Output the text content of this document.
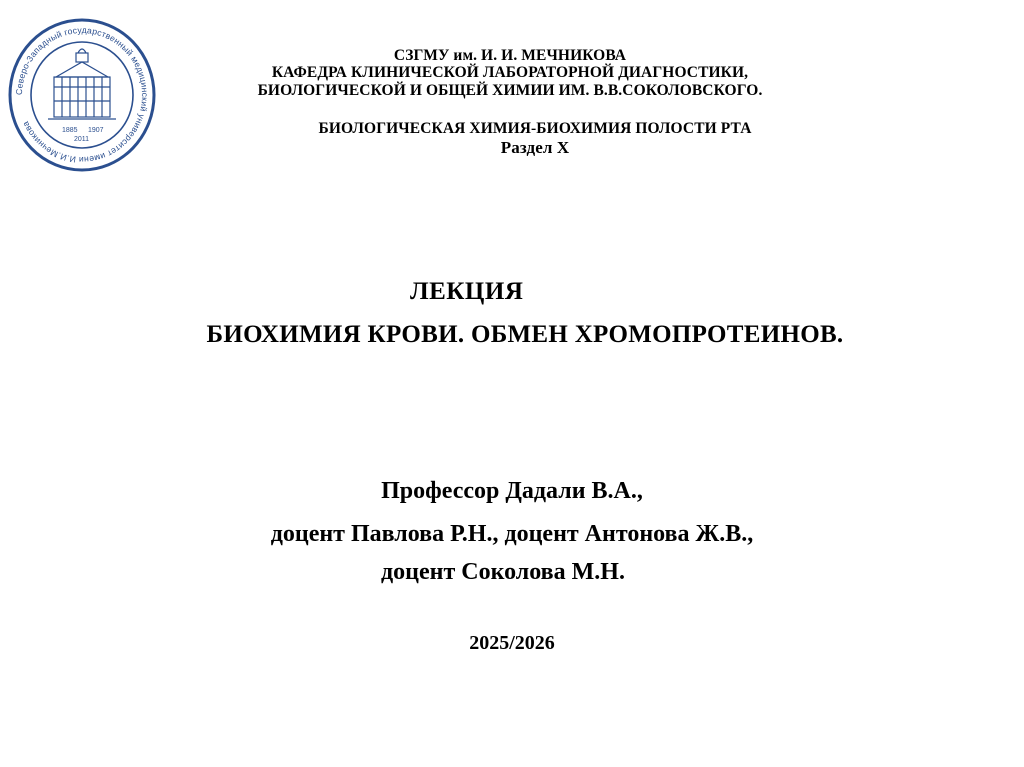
Северо-Западный государственный медицинский университет имени И.И.Мечникова
1885 1907
2011
СЗГМУ им. И. И. МЕЧНИКОВА
КАФЕДРА КЛИНИЧЕСКОЙ ЛАБОРАТОРНОЙ ДИАГНОСТИКИ,
БИОЛОГИЧЕСКОЙ И ОБЩЕЙ ХИМИИ ИМ. В.В.СОКОЛОВСКОГО.
БИОЛОГИЧЕСКАЯ ХИМИЯ-БИОХИМИЯ ПОЛОСТИ РТА
Раздел X
ЛЕКЦИЯ
БИОХИМИЯ КРОВИ. ОБМЕН ХРОМОПРОТЕИНОВ.
Профессор Дадали В.А.,
доцент Павлова Р.Н., доцент Антонова Ж.В.,
доцент Соколова М.Н.
2025/2026
